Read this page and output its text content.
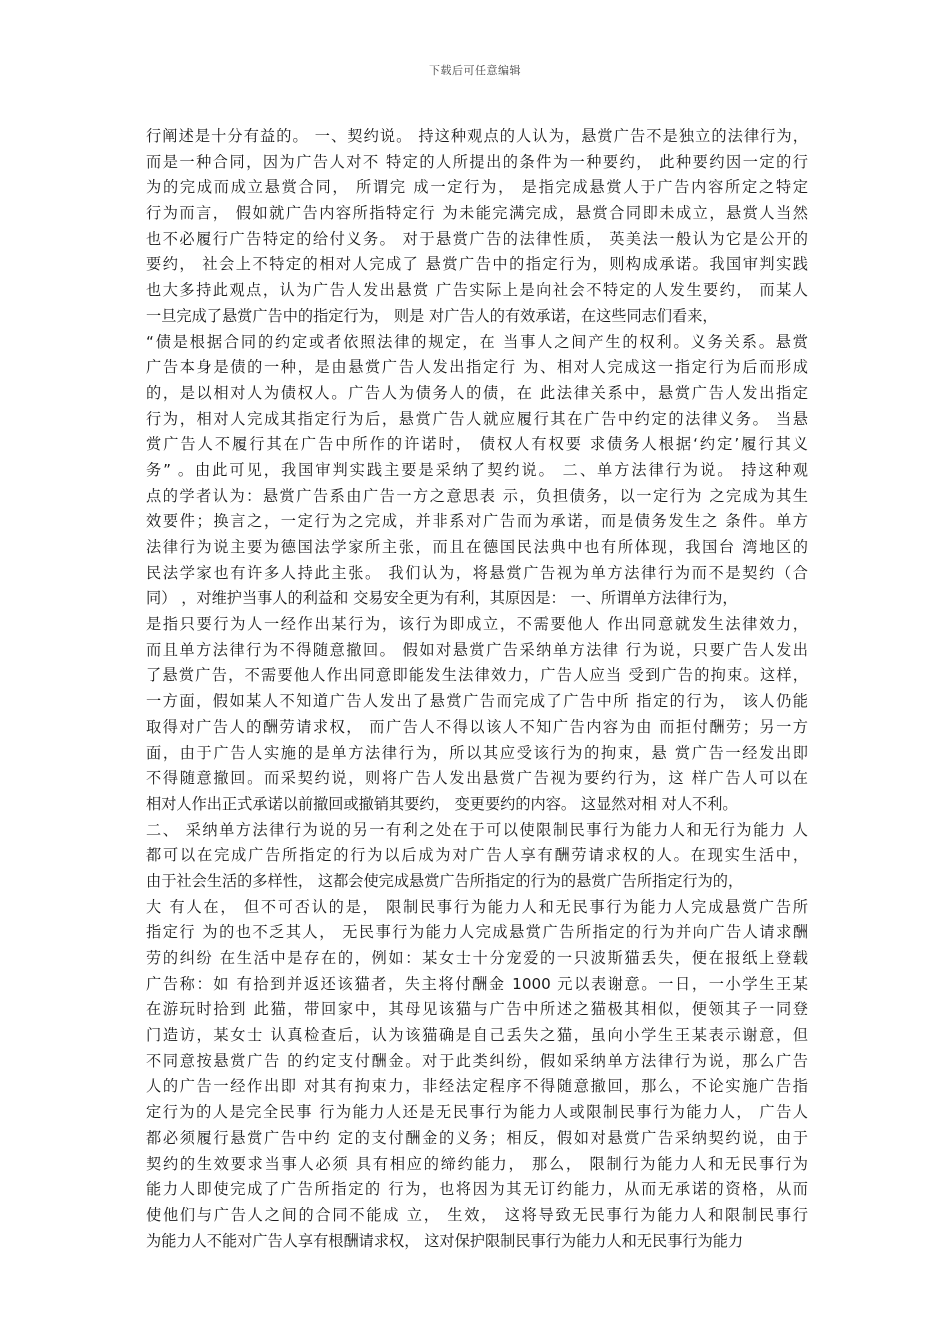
下载后可任意编辑
行阐述是十分有益的。 一、契约说。 持这种观点的人认为，悬赏广告不是独立的法律行为，
而是一种合同，因为广告人对不 特定的人所提出的条件为一种要约， 此种要约因一定的行
为的完成而成立悬赏合同， 所谓完 成一定行为， 是指完成悬赏人于广告内容所定之特定
行为而言， 假如就广告内容所指特定行 为未能完满完成，悬赏合同即未成立，悬赏人当然
也不必履行广告特定的给付义务。 对于悬赏广告的法律性质， 英美法一般认为它是公开的
要约， 社会上不特定的相对人完成了 悬赏广告中的指定行为，则构成承诺。我国审判实践
也大多持此观点，认为广告人发出悬赏 广告实际上是向社会不特定的人发生要约， 而某人
一旦完成了悬赏广告中的指定行为， 则是 对广告人的有效承诺，在这些同志们看来，
“债是根据合同的约定或者依照法律的规定，在 当事人之间产生的权利。义务关系。悬赏
广告本身是债的一种，是由悬赏广告人发出指定行 为、相对人完成这一指定行为后而形成
的，是以相对人为债权人。广告人为债务人的债，在 此法律关系中，悬赏广告人发出指定
行为，相对人完成其指定行为后，悬赏广告人就应履行其在广告中约定的法律义务。 当悬
赏广告人不履行其在广告中所作的许诺时， 债权人有权要 求债务人根据‘约定’履行其义
务” 。由此可见，我国审判实践主要是采纳了契约说。 二、单方法律行为说。 持这种观
点的学者认为：悬赏广告系由广告一方之意思表 示，负担债务，以一定行为 之完成为其生
效要件；换言之，一定行为之完成，并非系对广告而为承诺，而是债务发生之 条件。单方
法律行为说主要为德国法学家所主张，而且在德国民法典中也有所体现，我国台 湾地区的
民法学家也有许多人持此主张。 我们认为，将悬赏广告视为单方法律行为而不是契约（合
同） ，对维护当事人的利益和 交易安全更为有利，其原因是： 一、所谓单方法律行为，
是指只要行为人一经作出某行为，该行为即成立，不需要他人 作出同意就发生法律效力，
而且单方法律行为不得随意撤回。 假如对悬赏广告采纳单方法律 行为说，只要广告人发出
了悬赏广告，不需要他人作出同意即能发生法律效力，广告人应当 受到广告的拘束。这样，
一方面，假如某人不知道广告人发出了悬赏广告而完成了广告中所 指定的行为， 该人仍能
取得对广告人的酬劳请求权， 而广告人不得以该人不知广告内容为由 而拒付酬劳；另一方
面，由于广告人实施的是单方法律行为，所以其应受该行为的拘束，悬 赏广告一经发出即
不得随意撤回。而采契约说，则将广告人发出悬赏广告视为要约行为，这 样广告人可以在
相对人作出正式承诺以前撤回或撤销其要约， 变更要约的内容。 这显然对相 对人不利。
二、 采纳单方法律行为说的另一有利之处在于可以使限制民事行为能力人和无行为能力 人
都可以在完成广告所指定的行为以后成为对广告人享有酬劳请求权的人。在现实生活中，
由于社会生活的多样性， 这都会使完成悬赏广告所指定的行为的悬赏广告所指定行为的，
大 有人在， 但不可否认的是， 限制民事行为能力人和无民事行为能力人完成悬赏广告所
指定行 为的也不乏其人， 无民事行为能力人完成悬赏广告所指定的行为并向广告人请求酬
劳的纠纷 在生活中是存在的，例如：某女士十分宠爱的一只波斯猫丢失，便在报纸上登载
广告称：如 有拾到并返还该猫者，失主将付酬金 1000 元以表谢意。一日，一小学生王某
在游玩时拾到 此猫，带回家中，其母见该猫与广告中所述之猫极其相似，便领其子一同登
门造访，某女士 认真检查后，认为该猫确是自己丢失之猫，虽向小学生王某表示谢意，但
不同意按悬赏广告 的约定支付酬金。对于此类纠纷，假如采纳单方法律行为说，那么广告
人的广告一经作出即 对其有拘束力，非经法定程序不得随意撤回，那么，不论实施广告指
定行为的人是完全民事 行为能力人还是无民事行为能力人或限制民事行为能力人， 广告人
都必须履行悬赏广告中约 定的支付酬金的义务；相反，假如对悬赏广告采纳契约说，由于
契约的生效要求当事人必须 具有相应的缔约能力， 那么， 限制行为能力人和无民事行为
能力人即使完成了广告所指定的 行为，也将因为其无订约能力，从而无承诺的资格，从而
使他们与广告人之间的合同不能成 立， 生效， 这将导致无民事行为能力人和限制民事行
为能力人不能对广告人享有根酬请求权， 这对保护限制民事行为能力人和无民事行为能力
